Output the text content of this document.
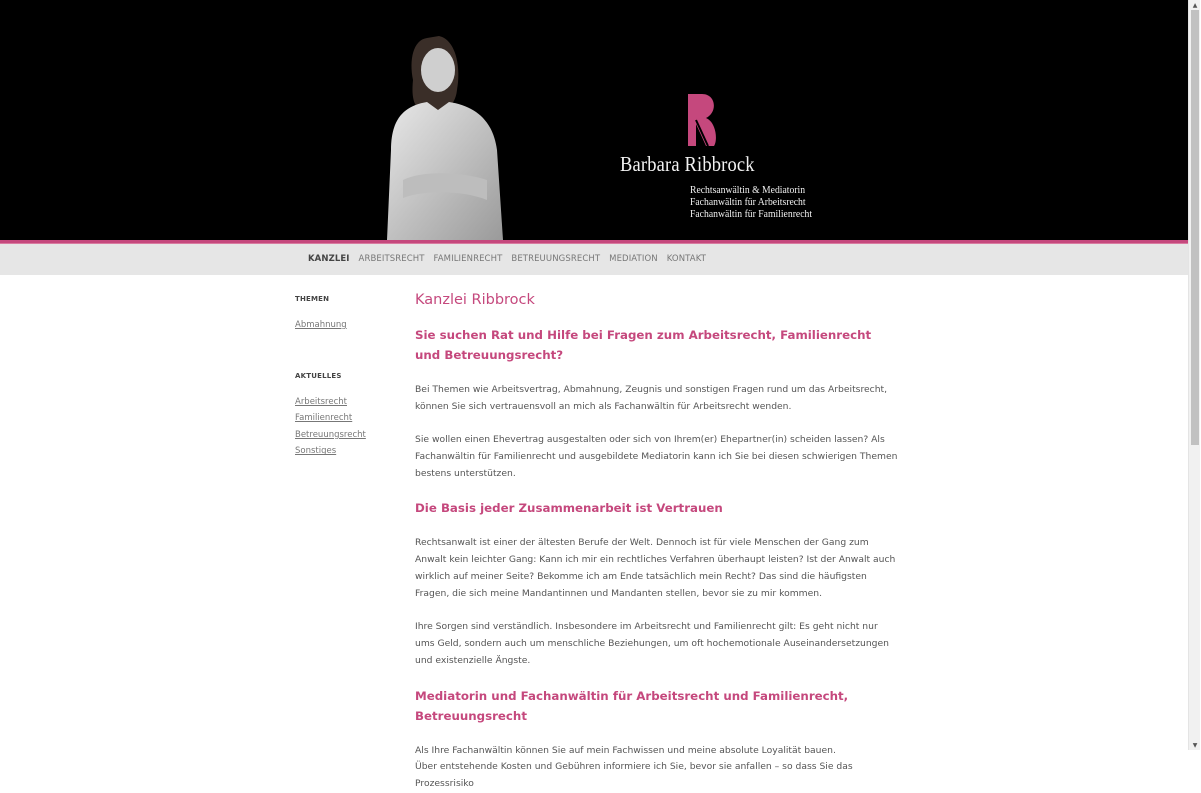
Barbara Ribbrock
Rechtsanwältin & Mediatorin
Fachanwältin für Arbeitsrecht
Fachanwältin für Familienrecht
KANZLEI ARBEITSRECHT FAMILIENRECHT BETREUUNGSRECHT MEDIATION KONTAKT
THEMEN
Abmahnung
AKTUELLES
Arbeitsrecht
Familienrecht
Betreuungsrecht
Sonstiges
Kanzlei Ribbrock
Sie suchen Rat und Hilfe bei Fragen zum Arbeitsrecht, Familienrecht und Betreuungsrecht?

Bei Themen wie Arbeitsvertrag, Abmahnung, Zeugnis und sonstigen Fragen rund um das Arbeitsrecht, können Sie sich vertrauensvoll an mich als Fachanwältin für Arbeitsrecht wenden.

Sie wollen einen Ehevertrag ausgestalten oder sich von Ihrem(er) Ehepartner(in) scheiden lassen? Als Fachanwältin für Familienrecht und ausgebildete Mediatorin kann ich Sie bei diesen schwierigen Themen bestens unterstützen.

Die Basis jeder Zusammenarbeit ist Vertrauen

Rechtsanwalt ist einer der ältesten Berufe der Welt. Dennoch ist für viele Menschen der Gang zum Anwalt kein leichter Gang: Kann ich mir ein rechtliches Verfahren überhaupt leisten? Ist der Anwalt auch wirklich auf meiner Seite? Bekomme ich am Ende tatsächlich mein Recht? Das sind die häufigsten Fragen, die sich meine Mandantinnen und Mandanten stellen, bevor sie zu mir kommen.

Ihre Sorgen sind verständlich. Insbesondere im Arbeitsrecht und Familienrecht gilt: Es geht nicht nur ums Geld, sondern auch um menschliche Beziehungen, um oft hochemotionale Auseinandersetzungen und existenzielle Ängste.

Mediatorin und Fachanwältin für Arbeitsrecht und Familienrecht, Betreuungsrecht

Als Ihre Fachanwältin können Sie auf mein Fachwissen und meine absolute Loyalität bauen.

Über entstehende Kosten und Gebühren informiere ich Sie, bevor sie anfallen – so dass Sie das Prozessrisiko

▲
▼
